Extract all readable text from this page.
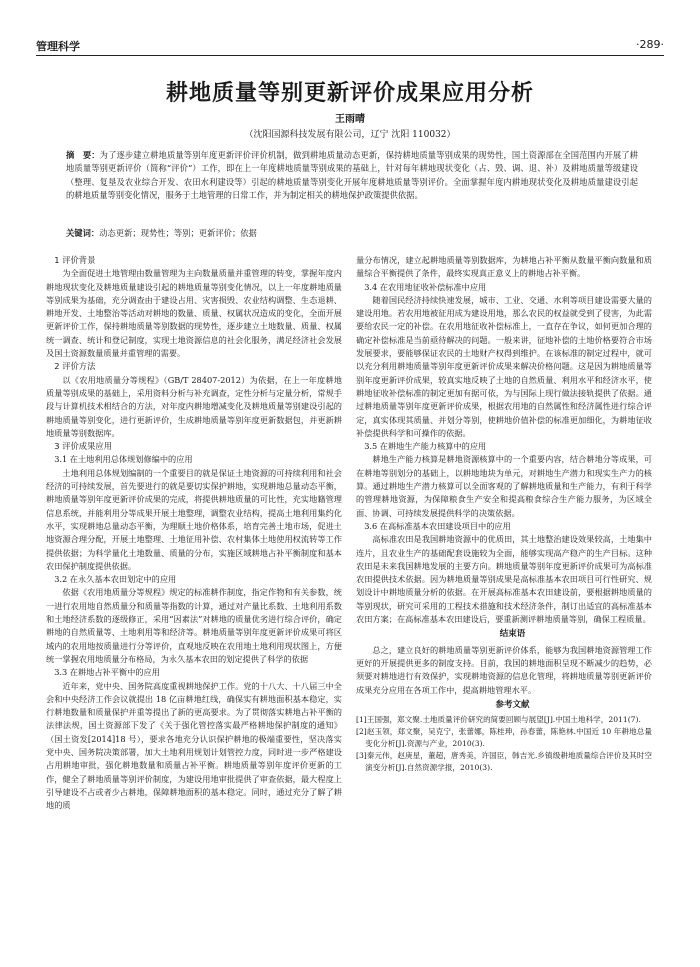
管理科学	·289·
耕地质量等别更新评价成果应用分析
王雨晴
（沈阳国源科技发展有限公司，辽宁 沈阳 110032）
摘　要：为了逐步建立耕地质量等别年度更新评价评价机制，做到耕地质量动态更新，保持耕地质量等别成果的现势性，国土资源部在全国范围内开展了耕地质量等别更新评价（简称“评价”）工作，即在上一年度耕地质量等别成果的基础上，针对每年耕地现状变化（占、毁、调、退、补）及耕地质量等级建设（整理、复垦及农业综合开发、农田水利建设等）引起的耕地质量等别变化开展年度耕地质量等别评价。全面掌握年度内耕地现状变化及耕地质量建设引起的耕地质量等别变化情况，服务于土地管理的日常工作，并为制定相关的耕地保护政策提供依据。
关键词：动态更新；现势性；等别；更新评价；依据

1 评价背景

为全面促进土地管理由数量管理为主向数量质量并重管理的转变，掌握年度内耕地现状变化及耕地质量建设引起的耕地质量等别变化情况，以上一年度耕地质量等别成果为基础，充分调查由于建设占用、灾害损毁、农业结构调整、生态退耕、耕地开发、土地整治等活动对耕地的数量、质量、权属状况造成的变化，全面开展更新评价工作，保持耕地质量等别数据的现势性，逐步建立土地数量、质量、权属统一调查、统计和登记制度，实现土地资源信息的社会化服务，满足经济社会发展及国土资源数量质量并重管理的需要。

2 评价方法

以《农用地质量分等规程》（GB/T 28407-2012）为依据，在上一年度耕地质量等别成果的基础上，采用资料分析与补充调查，定性分析与定量分析，常规手段与计算机技术相结合的方法，对年度内耕地增减变化及耕地质量等别建设引起的耕地质量等别变化，进行更新评价，生成耕地质量等别年度更新数据包，并更新耕地质量等别数据库。

3 评价成果应用

3.1 在土地利用总体规划修编中的应用

土地利用总体规划编制的一个重要目的就是保证土地资源的可持续利用和社会经济的可持续发展，首先要进行的就是要切实保护耕地，实现耕地总量动态平衡，耕地质量等别年度更新评价成果的完成，将提供耕地质量的可比性，充实地籍管理信息系统，并能利用分等成果开展土地整理，调整农业结构，提高土地利用集约化水平，实现耕地总量动态平衡，为理顺土地价格体系，培育完善土地市场，促进土地资源合理分配，开展土地整理、土地征用补偿、农村集体土地使用权流转等工作提供依据；为科学量化土地数量、质量的分布，实施区域耕地占补平衡制度和基本农田保护制度提供依据。

3.2 在永久基本农田划定中的应用

依据《农用地质量分等规程》规定的标准耕作制度，指定作物和有关参数，统一进行农用地自然质量分和质量等指数的计算，通过对产量比系数、土地利用系数和土地经济系数的逐级修正，采用“因素法”对耕地的质量优劣进行综合评价，确定耕地的自然质量等、土地利用等和经济等。耕地质量等别年度更新评价成果可将区域内的农用地按质量进行分等评价，直观地反映在农用地土地利用现状图上，方便统一掌握农用地质量分布格局，为永久基本农田的划定提供了科学的依据

3.3 在耕地占补平衡中的应用

近年来，党中央、国务院高度重视耕地保护工作。党的十八大、十八届三中全会和中央经济工作会议就提出 18 亿亩耕地红线，确保实有耕地面积基本稳定，实行耕地数量和质量保护并重等提出了新的更高要求。为了贯彻落实耕地占补平衡的法律法规，国土资源部下发了《关于强化管控落实最严格耕地保护制度的通知》（国土资发[2014]18 号），要求各地充分认识保护耕地的极端重要性，坚决落实党中央、国务院决策部署，加大土地利用规划计划管控力度，同时进一步严格建设占用耕地审批，强化耕地数量和质量占补平衡。耕地质量等别年度评价更新的工作，健全了耕地质量等别评价制度，为建设用地审批提供了审查依据，最大程度上引导建设不占或者少占耕地，保障耕地面积的基本稳定。同时，通过充分了解了耕地的质

量分布情况，建立起耕地质量等别数据库，为耕地占补平衡从数量平衡向数量和质量综合平衡提供了条件，最终实现真正意义上的耕地占补平衡。

3.4 在农用地征收补偿标准中应用

随着国民经济持续快速发展，城市、工业、交通、水利等项目建设需要大量的建设用地。若农用地被征用成为建设用地，那么农民的权益就受到了侵害，为此需要给农民一定的补偿。在农用地征收补偿标准上，一直存在争议，如何更加合理的确定补偿标准是当前亟待解决的问题。一般来讲，征地补偿的土地价格要符合市场发展要求，要能够保证农民的土地财产权得到维护。在该标准的制定过程中，就可以充分利用耕地质量等别年度更新评价成果来解决价格问题。这是因为耕地质量等别年度更新评价成果，较真实地反映了土地的自然质量、利用水平和经济水平，使耕地征收补偿标准的制定更加有据可依，为与国际上现行做法接轨提供了依据。通过耕地质量等别年度更新评价成果，根据农用地的自然属性和经济属性进行综合评定，真实体现其质量、并划分等别，使耕地价值补偿的标准更加细化，为耕地征收补偿提供科学和可操作的依据。

3.5 在耕地生产能力核算中的应用

耕地生产能力核算是耕地资源核算中的一个重要内容，结合耕地分等成果，可在耕地等别划分的基础上，以耕地地块为单元，对耕地生产潜力和现实生产力的核算。通过耕地生产潜力核算可以全面客观的了解耕地质量和生产能力，有利于科学的管理耕地资源，为保障粮食生产安全和提高粮食综合生产能力服务，为区域全面、协调、可持续发展提供科学的决策依据。

3.6 在高标准基本农田建设项目中的应用

高标准农田是我国耕地资源中的优质田，其土地整治建设效果较高，土地集中连片，且农业生产的基础配套设施较为全面，能够实现高产稳产的生产目标。这种农田是未来我国耕地发展的主要方向。耕地质量等别年度更新评价成果可为高标准农田提供技术依据。因为耕地质量等别成果是高标准基本农田项目可行性研究、规划设计中耕地质量分析的依据。在开展高标准基本农田建设前，要根据耕地质量的等别现状，研究可采用的工程技术措施和技术经济条件，制订出适宜的高标准基本农田方案；在高标准基本农田建设后，要重新测评耕地质量等别，确保工程质量。

结束语

总之，建立良好的耕地质量等别更新评价体系，能够为我国耕地资源管理工作更好的开展提供更多的制度支持。目前，我国的耕地面积呈现不断减少的趋势，必须要对耕地进行有效保护，实现耕地资源的信息化管理，将耕地质量等别更新评价成果充分应用在各项工作中，提高耕地管理水平。

参考文献

[1]王国强，郑文聚.土地质量评价研究的简要回顾与展望[J].中国土地科学，2011(7).

[2]赵玉领，郑文聚，吴克宁，张蕾娜，陈桂珅，孙春蕾，陈艳林.中国近 10 年耕地总量变化分析[J].资源与产业，2010(3).

[3]秦元伟，赵庚星，董超，唐秀美，许国臣，韩吉光.乡镇级耕地质量综合评价及其时空演变分析[J].自然资源学报，2010(3).
